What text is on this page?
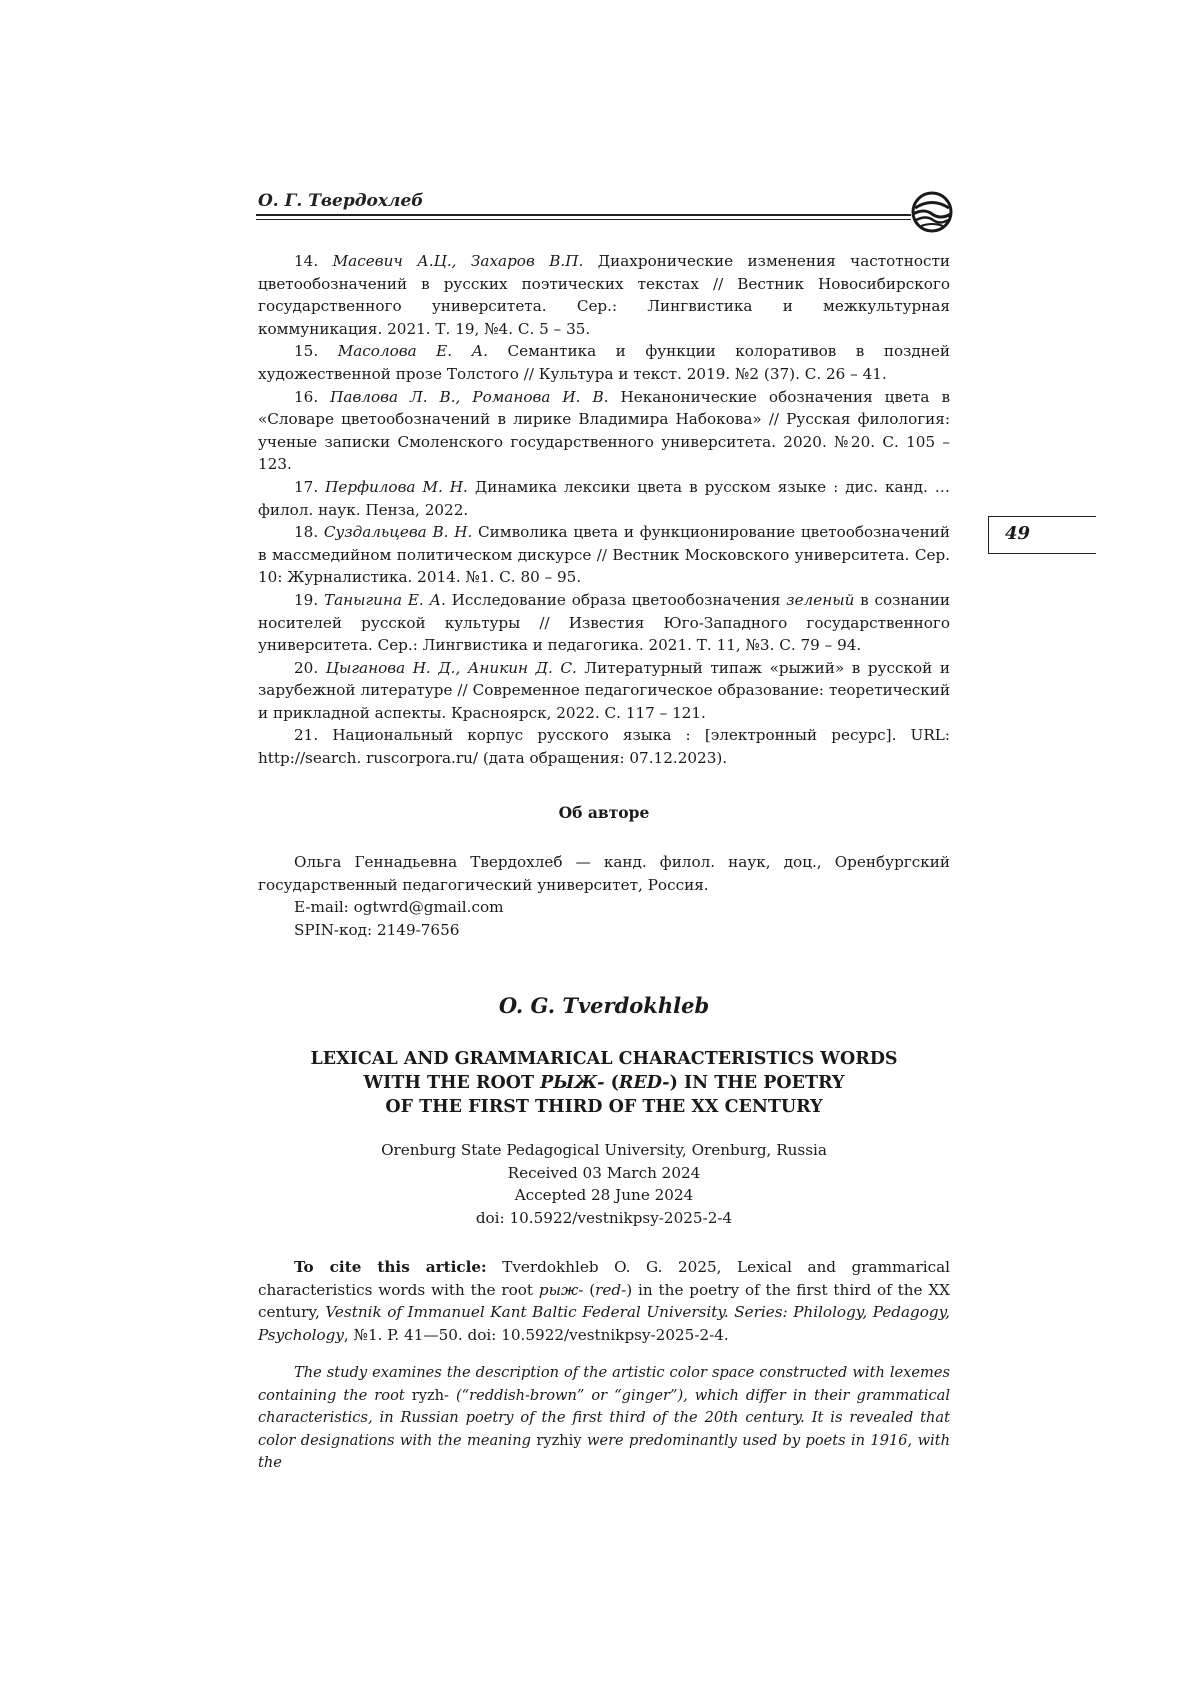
О. Г. Твердохлеб
49

14. Масевич А.Ц., Захаров В.П. Диахронические изменения частотности цветообозначений в русских поэтических текстах // Вестник Новосибирского государственного университета. Сер.: Лингвистика и межкультурная коммуникация. 2021. Т. 19, №4. С. 5 – 35.

15. Масолова Е. А. Семантика и функции колоративов в поздней художественной прозе Толстого // Культура и текст. 2019. №2 (37). С. 26 – 41.

16. Павлова Л. В., Романова И. В. Неканонические обозначения цвета в «Словаре цветообозначений в лирике Владимира Набокова» // Русская филология: ученые записки Смоленского государственного университета. 2020. №20. С. 105 – 123.

17. Перфилова М. Н. Динамика лексики цвета в русском языке : дис. канд. … филол. наук. Пенза, 2022.

18. Суздальцева В. Н. Символика цвета и функционирование цветообозначений в массмедийном политическом дискурсе // Вестник Московского университета. Сер. 10: Журналистика. 2014. №1. С. 80 – 95.

19. Таныгина Е. А. Исследование образа цветообозначения зеленый в сознании носителей русской культуры // Известия Юго-Западного государственного университета. Сер.: Лингвистика и педагогика. 2021. Т. 11, №3. С. 79 – 94.

20. Цыганова Н. Д., Аникин Д. С. Литературный типаж «рыжий» в русской и зарубежной литературе // Современное педагогическое образование: теоретический и прикладной аспекты. Красноярск, 2022. С. 117 – 121.

21. Национальный корпус русского языка : [электронный ресурс]. URL: http://search. ruscorpora.ru/ (дата обращения: 07.12.2023).

Об авторе

Ольга Геннадьевна Твердохлеб — канд. филол. наук, доц., Оренбургский государственный педагогический университет, Россия.

E-mail: ogtwrd@gmail.com

SPIN-код: 2149-7656

O. G. Tverdokhleb
LEXICAL AND GRAMMARICAL CHARACTERISTICS WORDS
WITH THE ROOT РЫЖ- (RED-) IN THE POETRY
OF THE FIRST THIRD OF THE XX CENTURY
Orenburg State Pedagogical University, Orenburg, Russia
Received 03 March 2024
Accepted 28 June 2024
doi: 10.5922/vestnikpsy-2025-2-4

To cite this article: Tverdokhleb O. G. 2025, Lexical and grammarical characteristics words with the root рыж- (red-) in the poetry of the first third of the XX century, Vestnik of Immanuel Kant Baltic Federal University. Series: Philology, Pedagogy, Psychology, №1. P. 41—50. doi: 10.5922/vestnikpsy-2025-2-4.

The study examines the description of the artistic color space constructed with lexemes containing the root ryzh- (“reddish-brown” or “ginger”), which differ in their grammatical characteristics, in Russian poetry of the first third of the 20th century. It is revealed that color designations with the meaning ryzhiy were predominantly used by poets in 1916, with the
